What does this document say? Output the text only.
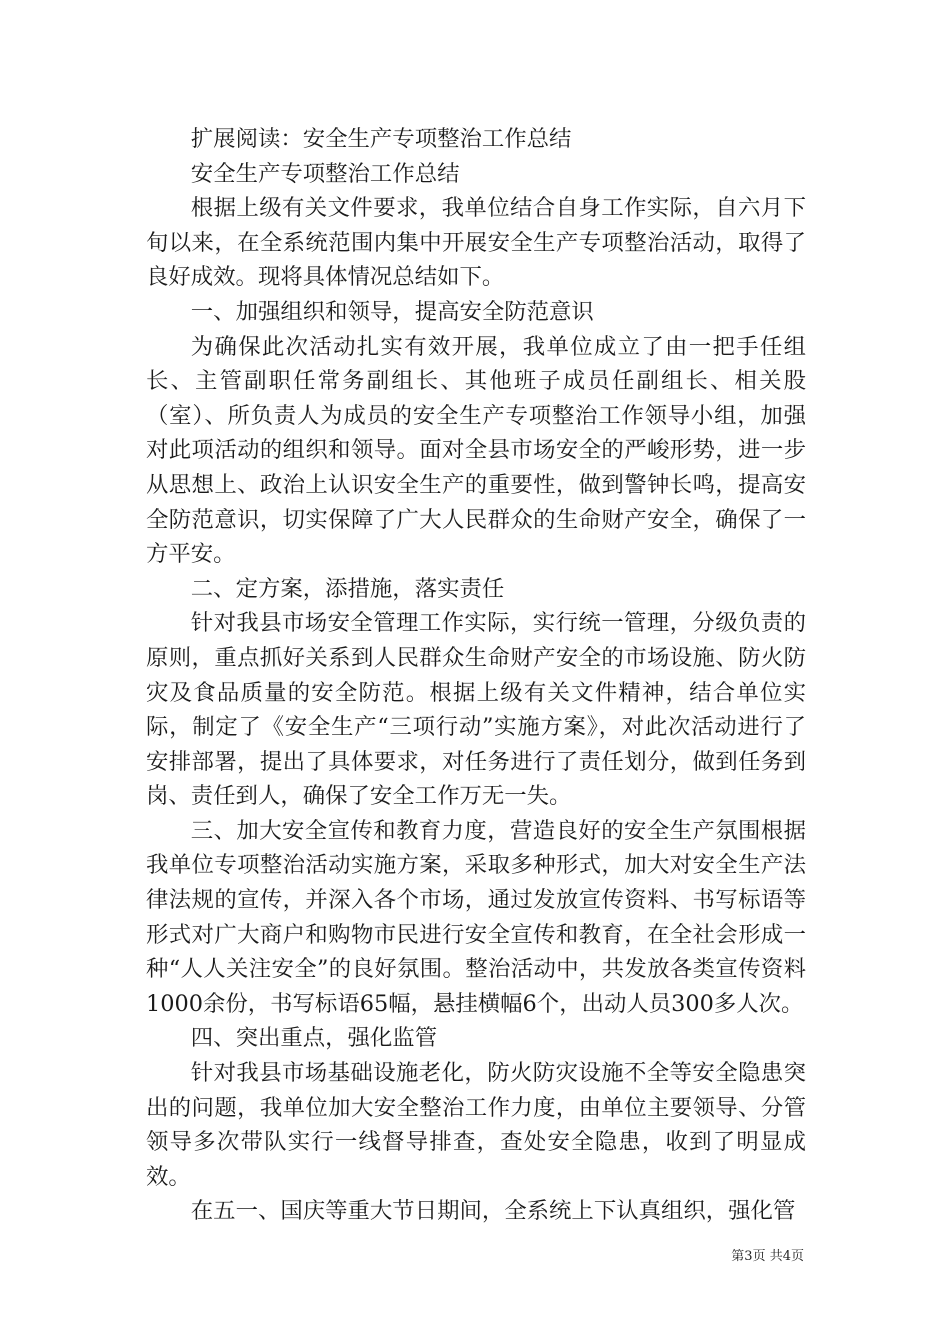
扩展阅读：安全生产专项整治工作总结

安全生产专项整治工作总结

根据上级有关文件要求，我单位结合自身工作实际，自六月下旬以来，在全系统范围内集中开展安全生产专项整治活动，取得了良好成效。现将具体情况总结如下。

一、加强组织和领导，提高安全防范意识

为确保此次活动扎实有效开展，我单位成立了由一把手任组长、主管副职任常务副组长、其他班子成员任副组长、相关股（室）、所负责人为成员的安全生产专项整治工作领导小组，加强对此项活动的组织和领导。面对全县市场安全的严峻形势，进一步从思想上、政治上认识安全生产的重要性，做到警钟长鸣，提高安全防范意识，切实保障了广大人民群众的生命财产安全，确保了一方平安。

二、定方案，添措施，落实责任

针对我县市场安全管理工作实际，实行统一管理，分级负责的原则，重点抓好关系到人民群众生命财产安全的市场设施、防火防灾及食品质量的安全防范。根据上级有关文件精神，结合单位实际，制定了《安全生产“三项行动”实施方案》，对此次活动进行了安排部署，提出了具体要求，对任务进行了责任划分，做到任务到岗、责任到人，确保了安全工作万无一失。

三、加大安全宣传和教育力度，营造良好的安全生产氛围根据我单位专项整治活动实施方案，采取多种形式，加大对安全生产法律法规的宣传，并深入各个市场，通过发放宣传资料、书写标语等形式对广大商户和购物市民进行安全宣传和教育，在全社会形成一种“人人关注安全”的良好氛围。整治活动中，共发放各类宣传资料1000余份，书写标语65幅，悬挂横幅6个，出动人员300多人次。

四、突出重点，强化监管

针对我县市场基础设施老化，防火防灾设施不全等安全隐患突出的问题，我单位加大安全整治工作力度，由单位主要领导、分管领导多次带队实行一线督导排查，查处安全隐患，收到了明显成效。

在五一、国庆等重大节日期间，全系统上下认真组织，强化管

第3页 共4页
